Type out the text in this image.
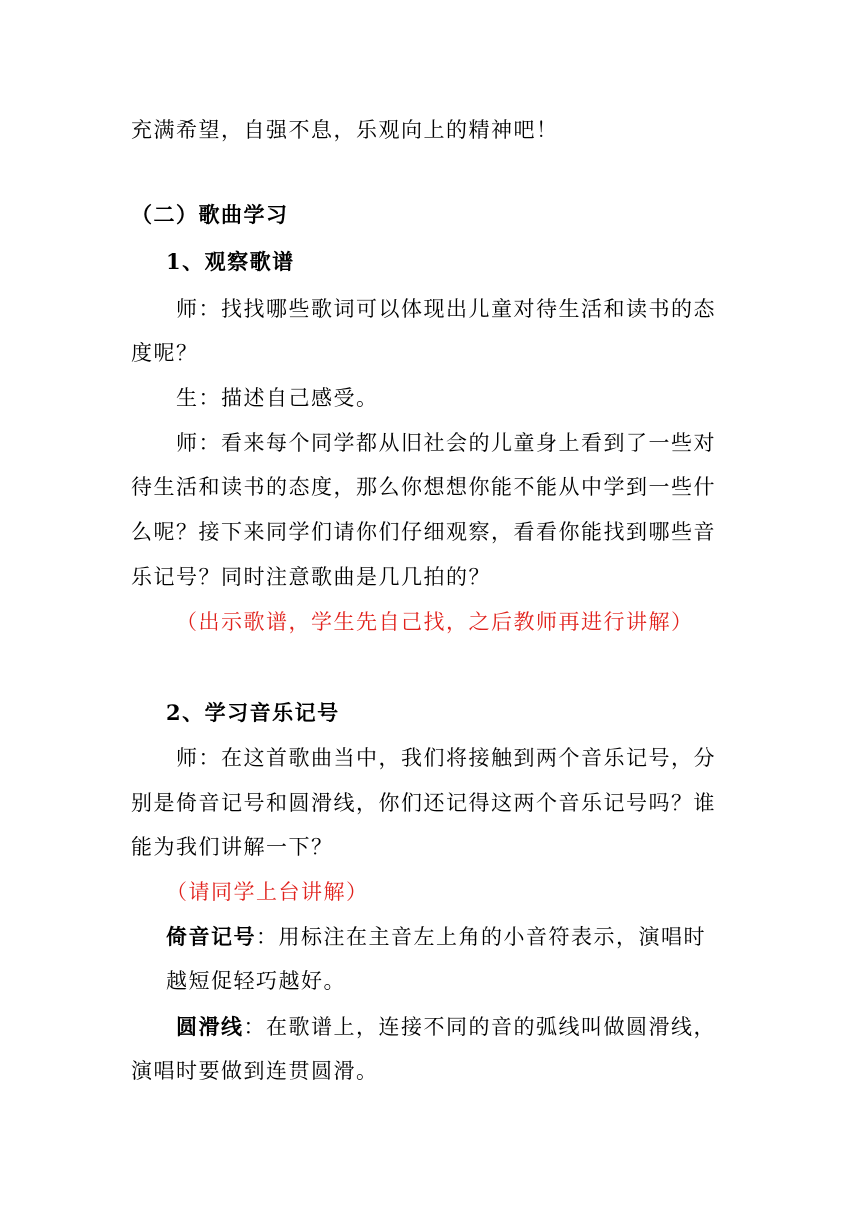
充满希望，自强不息，乐观向上的精神吧！
（二）歌曲学习
1、观察歌谱
师：找找哪些歌词可以体现出儿童对待生活和读书的态
度呢？
生：描述自己感受。
师：看来每个同学都从旧社会的儿童身上看到了一些对
待生活和读书的态度，那么你想想你能不能从中学到一些什
么呢？接下来同学们请你们仔细观察，看看你能找到哪些音
乐记号？同时注意歌曲是几几拍的？
（出示歌谱，学生先自己找，之后教师再进行讲解）
2、学习音乐记号
师：在这首歌曲当中，我们将接触到两个音乐记号，分
别是倚音记号和圆滑线，你们还记得这两个音乐记号吗？谁
能为我们讲解一下？
（请同学上台讲解）
倚音记号：用标注在主音左上角的小音符表示，演唱时
越短促轻巧越好。
圆滑线：在歌谱上，连接不同的音的弧线叫做圆滑线，
演唱时要做到连贯圆滑。
